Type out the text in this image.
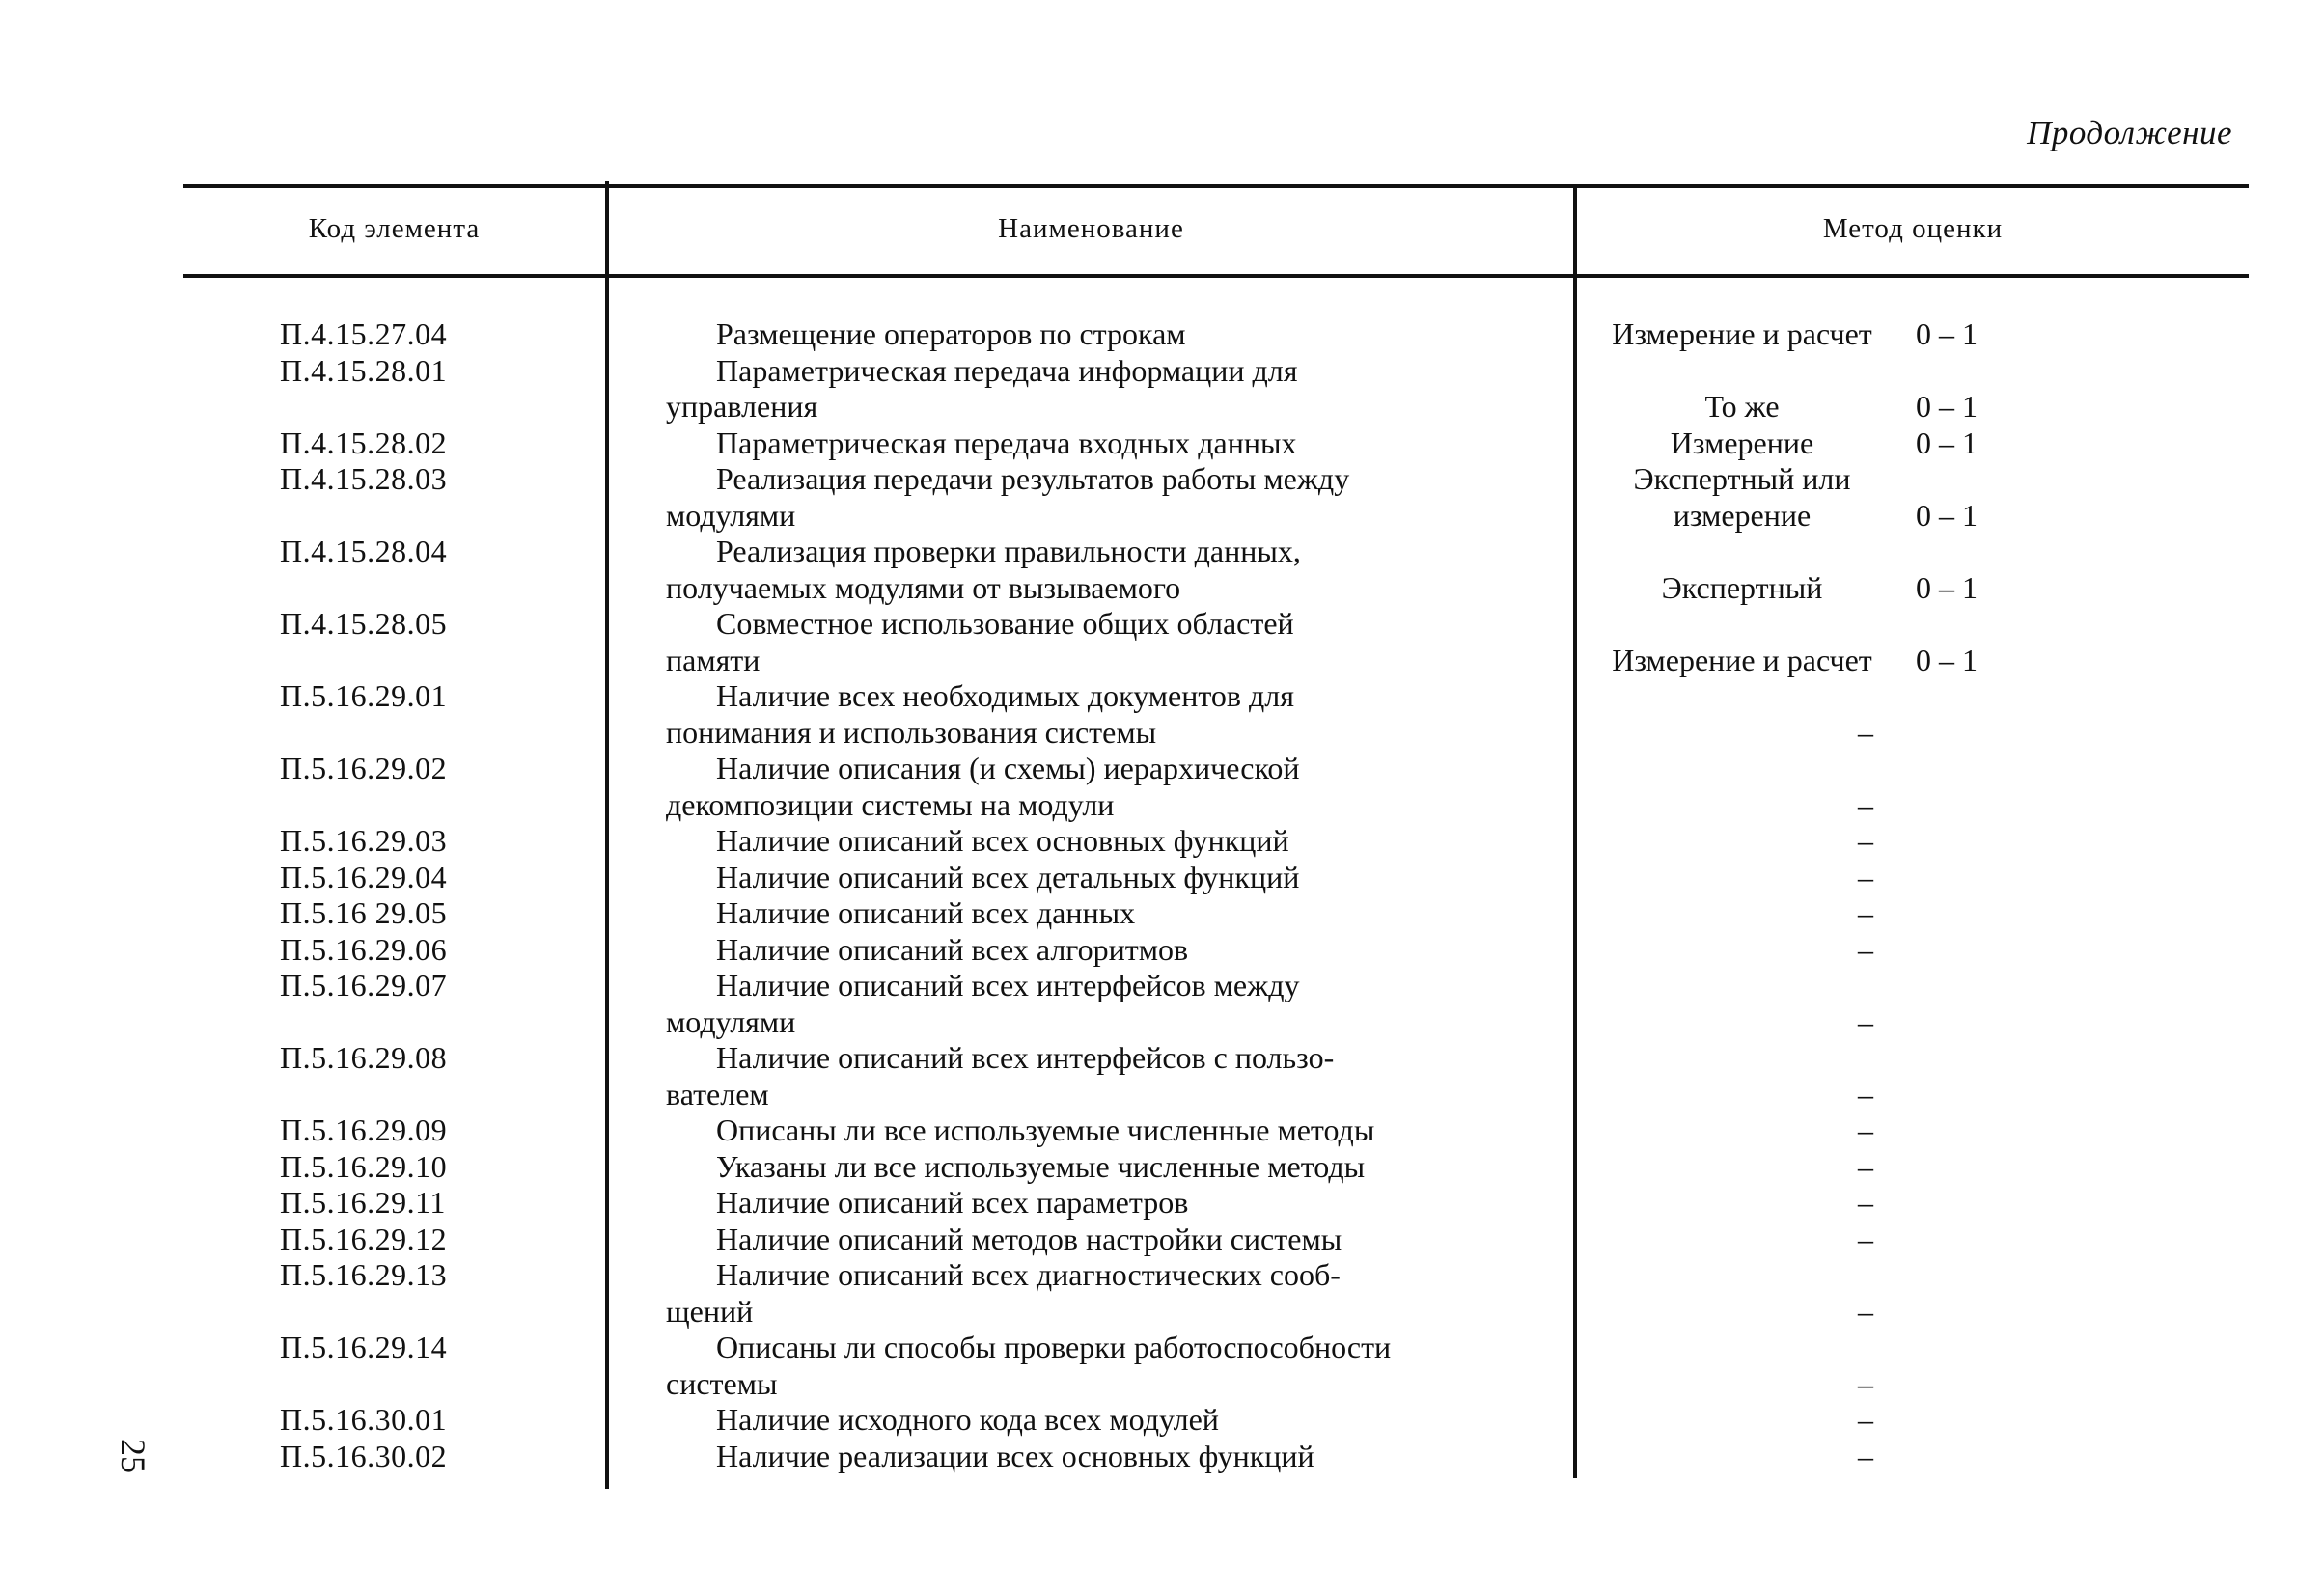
Продолжение
25
Код элемента	Наименование	Метод оценки
П.4.15.27.04	Размещение операторов по строкам	Измерение и расчет	0 – 1
П.4.15.28.01	Параметрическая передача информации для
управления	То же	0 – 1
П.4.15.28.02	Параметрическая передача входных данных	Измерение	0 – 1
П.4.15.28.03	Реализация передачи результатов работы между
модулями
Экспертный или
измерение	0 – 1
П.4.15.28.04	Реализация проверки правильности данных,
получаемых модулями от вызываемого	Экспертный	0 – 1
П.4.15.28.05	Совместное использование общих областей
памяти	Измерение и расчет	0 – 1
П.5.16.29.01	Наличие всех необходимых документов для
понимания и использования системы	–
П.5.16.29.02	Наличие описания (и схемы) иерархической
декомпозиции системы на модули	–
П.5.16.29.03	Наличие описаний всех основных функций	–
П.5.16.29.04	Наличие описаний всех детальных функций	–
П.5.16 29.05	Наличие описаний всех данных	–
П.5.16.29.06	Наличие описаний всех алгоритмов	–
П.5.16.29.07	Наличие описаний всех интерфейсов между
модулями	–
П.5.16.29.08	Наличие описаний всех интерфейсов с пользо-
вателем	–
П.5.16.29.09	Описаны ли все используемые численные методы	–
П.5.16.29.10	Указаны ли все используемые численные методы	–
П.5.16.29.11	Наличие описаний всех параметров	–
П.5.16.29.12	Наличие описаний методов настройки системы	–
П.5.16.29.13	Наличие описаний всех диагностических сооб-
щений	–
П.5.16.29.14	Описаны ли способы проверки работоспособности
системы	–
П.5.16.30.01	Наличие исходного кода всех модулей	–
П.5.16.30.02	Наличие реализации всех основных функций	–
